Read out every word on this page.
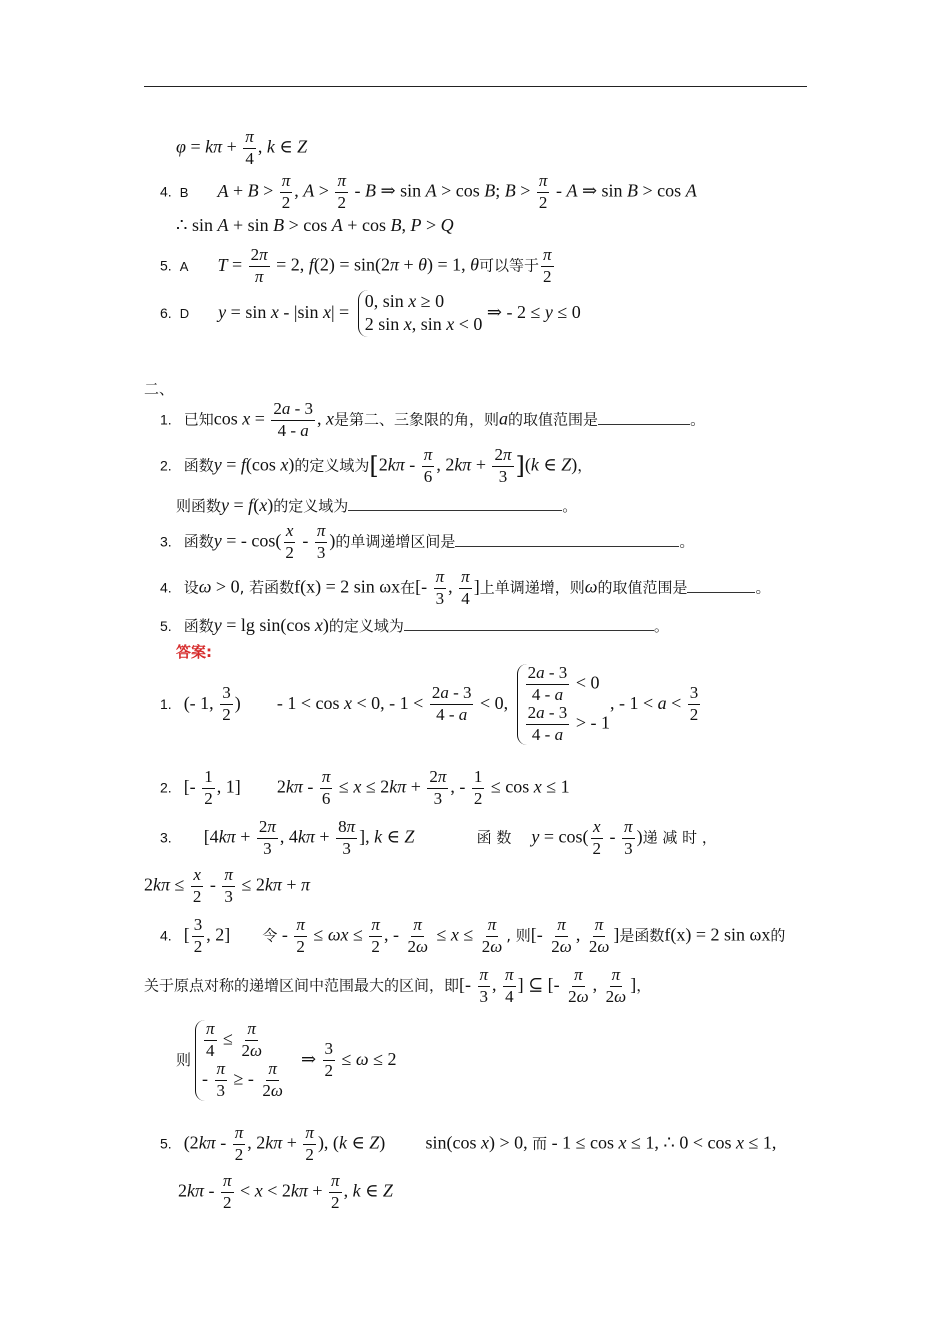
$\varphi = k\pi + \frac{\pi}{4}$ , k ∈ Z
4. B $A + B > \frac{\pi}{2}$ , $A > \frac{\pi}{2} - B$ ⇒ sin A > cos B; $B > \frac{\pi}{2} - A$ ⇒ sin B > cos A
∴ sin A + sin B > cos A + cos B, P > Q
5. A $T = \frac{2\pi}{\pi} = 2$, f(2) = sin(2π + θ) = 1, θ可以等于 $\frac{\pi}{2}$
6. D y = sin x - |sin x| =
0, sin x ≥ 0
2 sin x, sin x < 0
⇒ - 2 ≤ y ≤ 0
二、
1. 已知$\cos x = \frac{2a - 3}{4 - a}$ , x是第二、三象限的角，则a的取值范围是	。
2. 函数y = f(cos x)的定义域为[$2k\pi - \frac{\pi}{6}$ , $2k\pi + \frac{2\pi}{3} ](k$ ∈ Z)，
则函数y = f(x)的定义域为	。
3. 函数y = - $\cos( \frac{x}{2} - \frac{\pi}{3}$ )的单调递增区间是	。
4. 设ω > 0, 若函数f(x) = 2 sin ωx在[- $\frac{\pi}{3}$ , $\frac{\pi}{4}$ ]上单调递增，则ω的取值范围是	。
5. 函数y = lg sin(cos x)的定义域为	。
答案:
1. (- 1, $\frac{3}{2}$ ) - 1 < cos x < 0, - $1 < \frac{2a - 3}{4 - a} < 0$, $\frac{2a - 3}{4 - a} < 0$
$\frac{2a - 3}{4 - a}$ > - 1
, - $1 < a < \frac{3}{2}$
2. [- $\frac{1}{2}$ , 1] $2k\pi - \frac{\pi}{6} \le x \le 2k\pi + \frac{2\pi}{3}$ , - $\frac{1}{2} \le \cos x \le 1$
3. [$4k\pi + \frac{2\pi}{3}$ , $4k\pi + \frac{8\pi}{3}$ ], k ∈ Z	函 数 $y = \cos( \frac{x}{2} - \frac{\pi}{3}$ )递 减 时 ，
$2k\pi \le \frac{x}{2} - \frac{\pi}{3} \le 2k\pi + \pi$
4. [ $\frac{3}{2}$ , 2] 令 - $\frac{\pi}{2} \le \omega x \le \frac{\pi}{2}$ , - $\frac{\pi}{2\omega} \le x \le \frac{\pi}{2\omega}$ , 则[- $\frac{\pi}{2\omega}$ , $\frac{\pi}{2\omega}$ ]是函数f(x) = 2 sin ωx的
关于原点对称的递增区间中范围最大的区间，即[- $\frac{\pi}{3}$ , $\frac{\pi}{4}$ ] ⊆ [- $\frac{\pi}{2\omega}$ , $\frac{\pi}{2\omega}$ ]，
则 $\frac{\pi}{4} \le \frac{\pi}{2\omega}$
- $\frac{\pi}{3}$ ≥ - $\frac{\pi}{2\omega}$
⇒ $\frac{3}{2} \le \omega \le 2$
5. ($2k\pi - \frac{\pi}{2}$ , $2k\pi + \frac{\pi}{2}$ ), (k ∈ Z) sin(cos x) > 0, 而 - 1 ≤ cos x ≤ 1, ∴ 0 < cos x ≤ 1,
$2k\pi - \frac{\pi}{2} < x < 2k\pi + \frac{\pi}{2}$ , k ∈ Z
